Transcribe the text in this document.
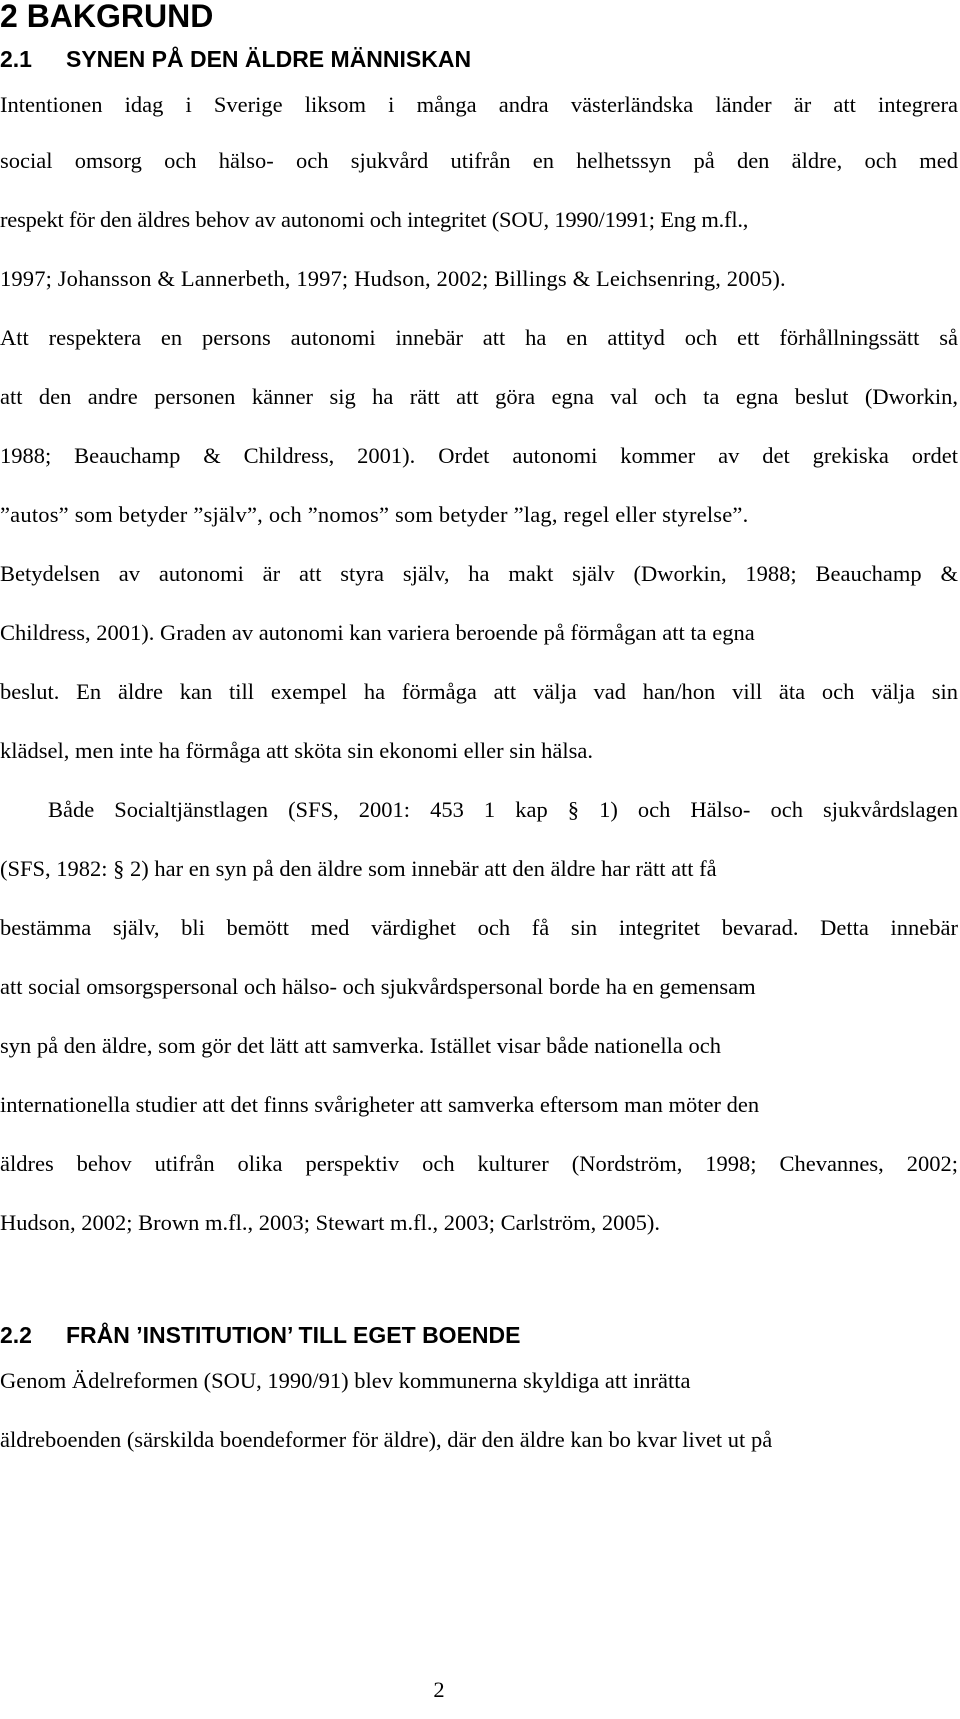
2 BAKGRUND
2.1 SYNEN PÅ DEN ÄLDRE MÄNNISKAN

Intentionen idag i Sverige liksom i många andra västerländska länder är att integrera

social omsorg och hälso- och sjukvård utifrån en helhetssyn på den äldre, och med

respekt för den äldres behov av autonomi och integritet (SOU, 1990/1991; Eng m.fl.,

1997; Johansson & Lannerbeth, 1997; Hudson, 2002; Billings & Leichsenring, 2005).

Att respektera en persons autonomi innebär att ha en attityd och ett förhållningssätt så

att den andre personen känner sig ha rätt att göra egna val och ta egna beslut (Dworkin,

1988; Beauchamp & Childress, 2001). Ordet autonomi kommer av det grekiska ordet

”autos” som betyder ”själv”, och ”nomos” som betyder ”lag, regel eller styrelse”.

Betydelsen av autonomi är att styra själv, ha makt själv (Dworkin, 1988; Beauchamp &

Childress, 2001). Graden av autonomi kan variera beroende på förmågan att ta egna

beslut. En äldre kan till exempel ha förmåga att välja vad han/hon vill äta och välja sin

klädsel, men inte ha förmåga att sköta sin ekonomi eller sin hälsa.

Både Socialtjänstlagen (SFS, 2001: 453 1 kap § 1) och Hälso- och sjukvårdslagen

(SFS, 1982: § 2) har en syn på den äldre som innebär att den äldre har rätt att få

bestämma själv, bli bemött med värdighet och få sin integritet bevarad. Detta innebär

att social omsorgspersonal och hälso- och sjukvårdspersonal borde ha en gemensam

syn på den äldre, som gör det lätt att samverka. Istället visar både nationella och

internationella studier att det finns svårigheter att samverka eftersom man möter den

äldres behov utifrån olika perspektiv och kulturer (Nordström, 1998; Chevannes, 2002;

Hudson, 2002; Brown m.fl., 2003; Stewart m.fl., 2003; Carlström, 2005).

2.2 FRÅN ’INSTITUTION’ TILL EGET BOENDE

Genom Ädelreformen (SOU, 1990/91) blev kommunerna skyldiga att inrätta

äldreboenden (särskilda boendeformer för äldre), där den äldre kan bo kvar livet ut på

2
